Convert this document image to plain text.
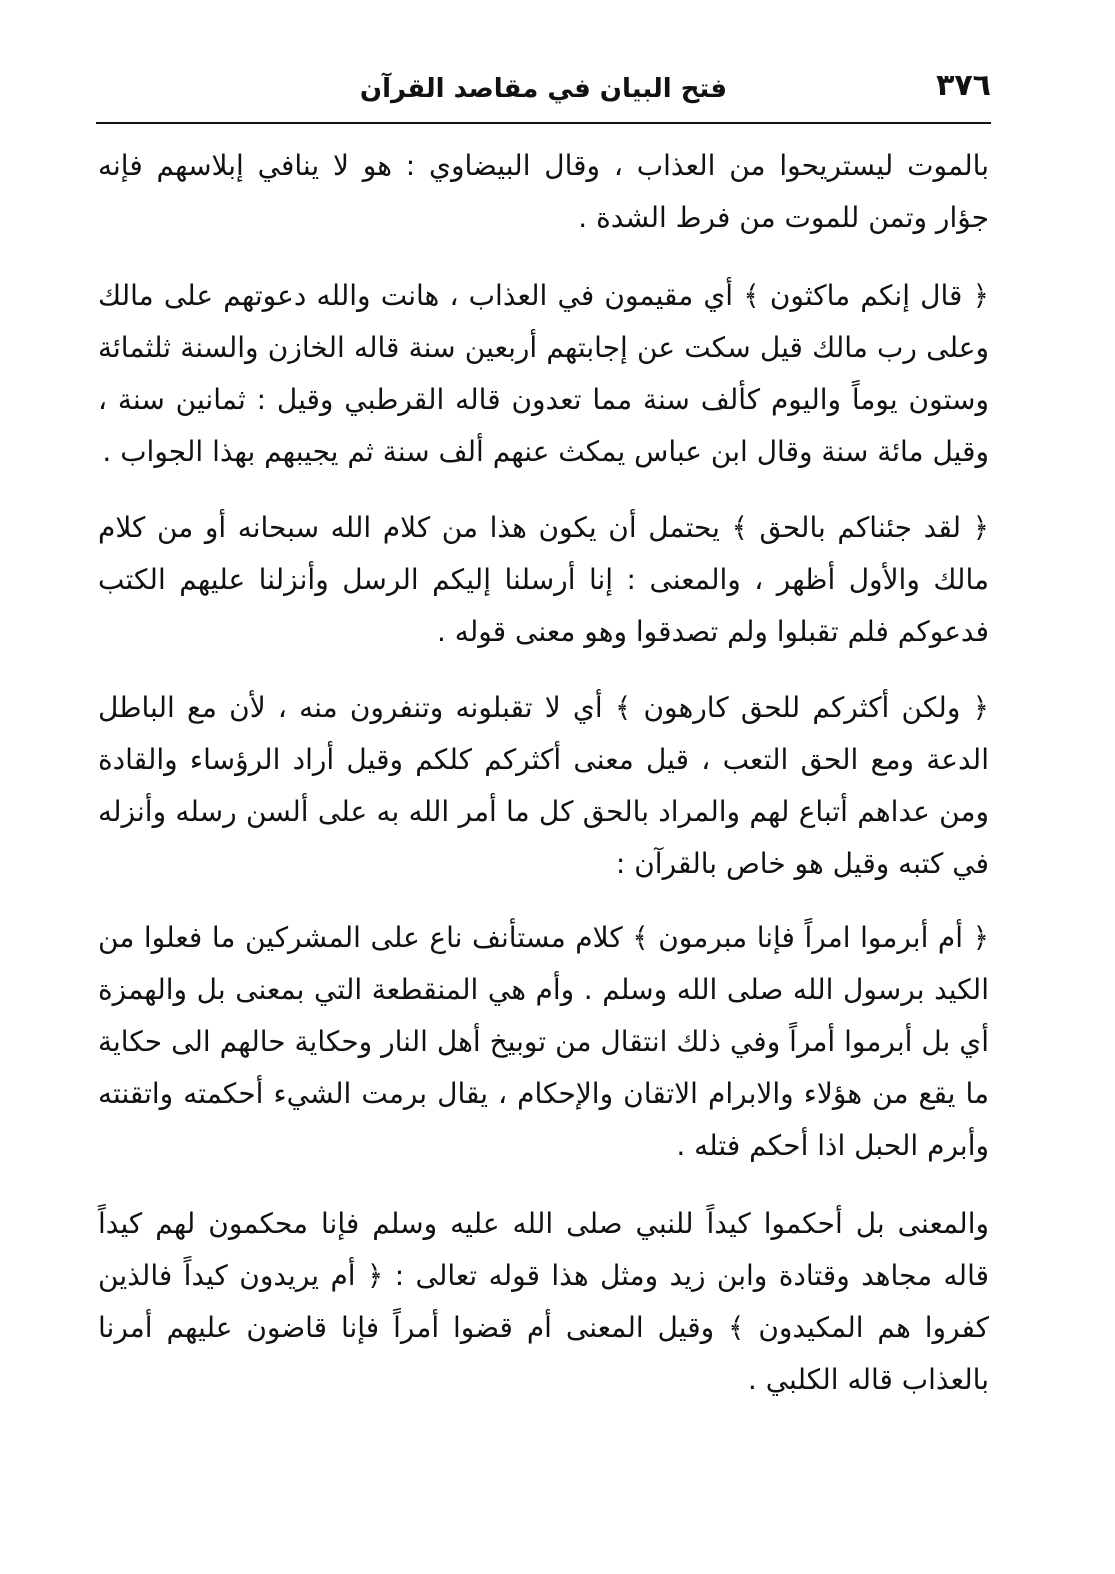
٣٧٦
فتح البيان في مقاصد القرآن

بالموت ليستريحوا من العذاب ، وقال البيضاوي : هو لا ينافي إبلاسهم فإنه جؤار وتمن للموت من فرط الشدة .

﴿ قال إنكم ماكثون ﴾ أي مقيمون في العذاب ، هانت والله دعوتهم على مالك وعلى رب مالك قيل سكت عن إجابتهم أربعين سنة قاله الخازن والسنة ثلثمائة وستون يوماً واليوم كألف سنة مما تعدون قاله القرطبي وقيل : ثمانين سنة ، وقيل مائة سنة وقال ابن عباس يمكث عنهم ألف سنة ثم يجيبهم بهذا الجواب .

﴿ لقد جئناكم بالحق ﴾ يحتمل أن يكون هذا من كلام الله سبحانه أو من كلام مالك والأول أظهر ، والمعنى : إنا أرسلنا إليكم الرسل وأنزلنا عليهم الكتب فدعوكم فلم تقبلوا ولم تصدقوا وهو معنى قوله .

﴿ ولكن أكثركم للحق كارهون ﴾ أي لا تقبلونه وتنفرون منه ، لأن مع الباطل الدعة ومع الحق التعب ، قيل معنى أكثركم كلكم وقيل أراد الرؤساء والقادة ومن عداهم أتباع لهم والمراد بالحق كل ما أمر الله به على ألسن رسله وأنزله في كتبه وقيل هو خاص بالقرآن :

﴿ أم أبرموا امراً فإنا مبرمون ﴾ كلام مستأنف ناع على المشركين ما فعلوا من الكيد برسول الله صلى الله وسلم . وأم هي المنقطعة التي بمعنى بل والهمزة أي بل أبرموا أمراً وفي ذلك انتقال من توبيخ أهل النار وحكاية حالهم الى حكاية ما يقع من هؤلاء والابرام الاتقان والإحكام ، يقال برمت الشيء أحكمته واتقنته وأبرم الحبل اذا أحكم فتله .

والمعنى بل أحكموا كيداً للنبي صلى الله عليه وسلم فإنا محكمون لهم كيداً قاله مجاهد وقتادة وابن زيد ومثل هذا قوله تعالى : ﴿ أم يريدون كيداً فالذين كفروا هم المكيدون ﴾ وقيل المعنى أم قضوا أمراً فإنا قاضون عليهم أمرنا بالعذاب قاله الكلبي .
